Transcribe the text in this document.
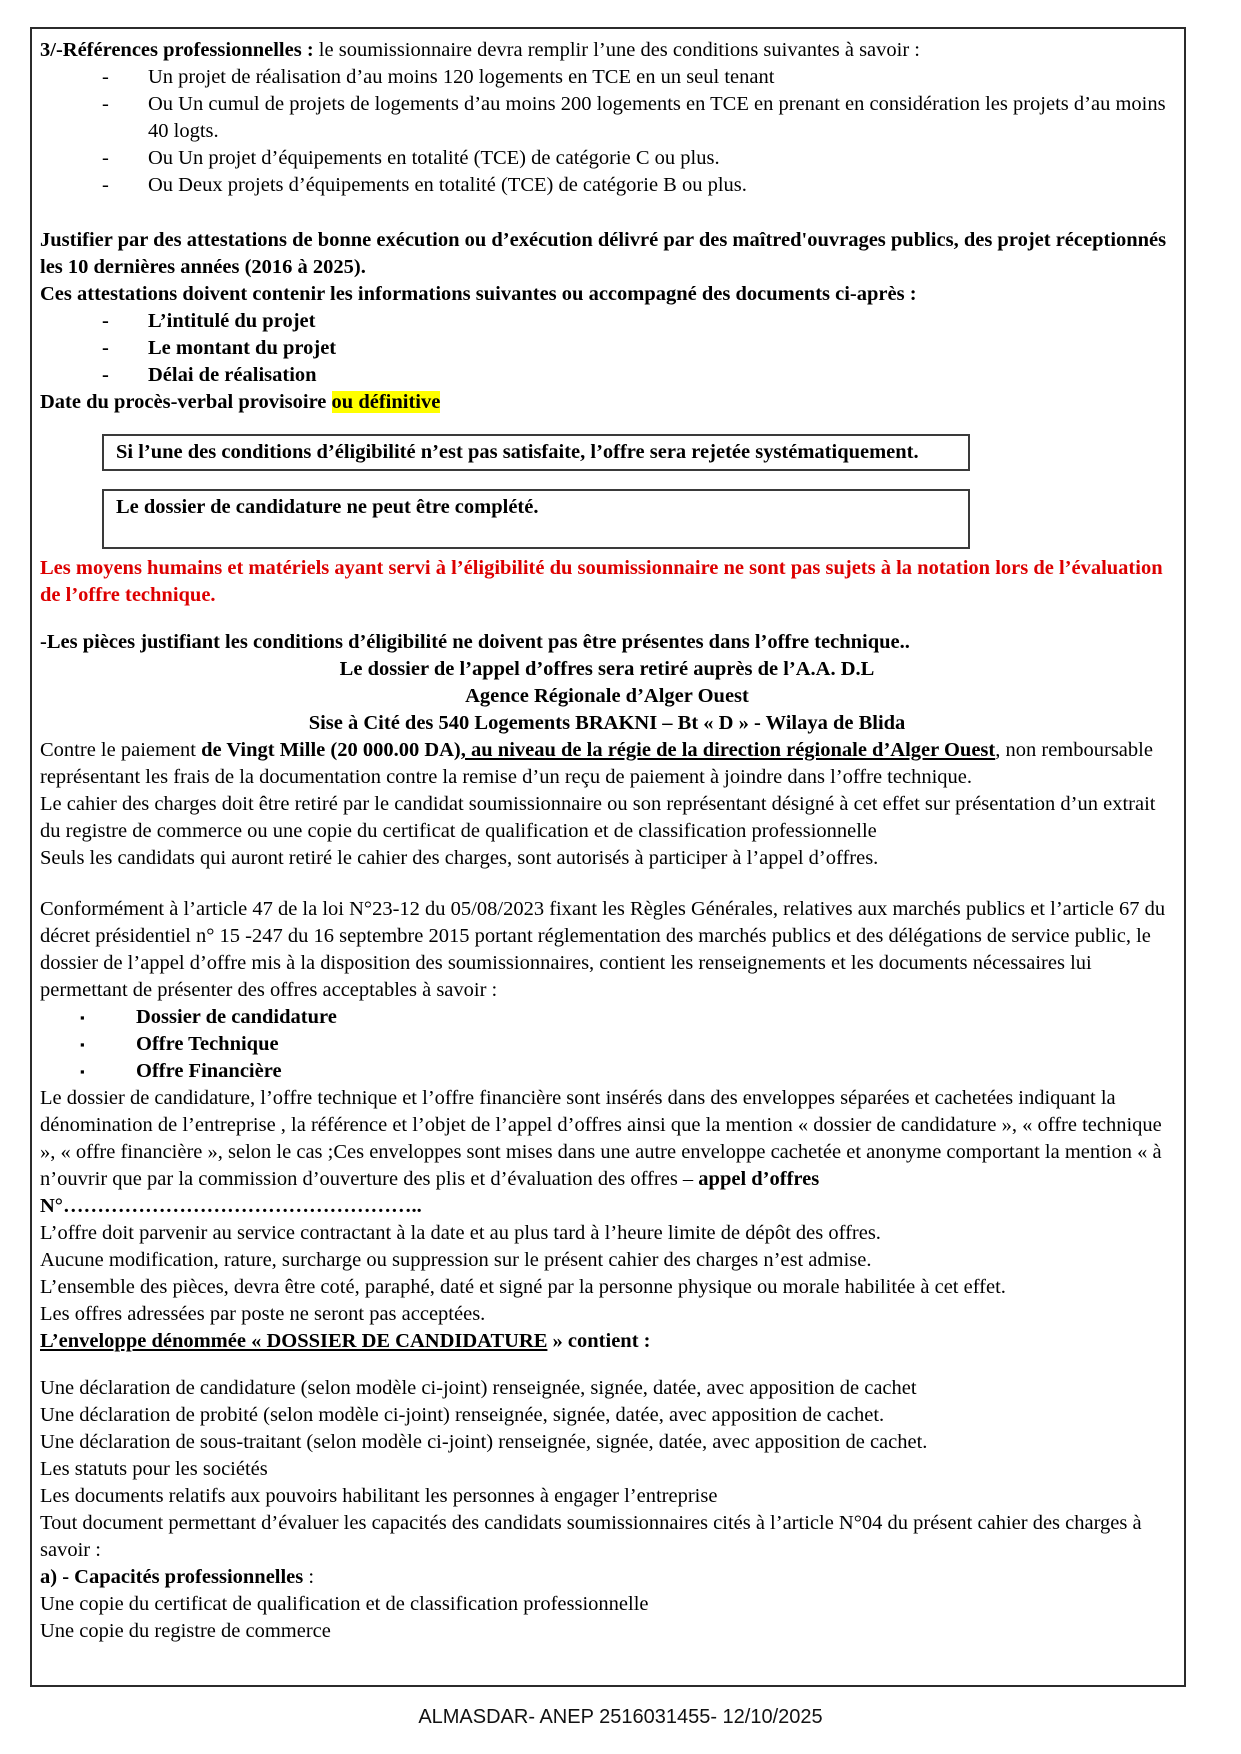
3/-Références professionnelles : le soumissionnaire devra remplir l’une des conditions suivantes à savoir :

-	Un projet de réalisation d’au moins 120 logements en TCE en un seul tenant
-	Ou Un cumul de projets de logements d’au moins 200 logements en TCE en prenant en considération les projets d’au moins 40 logts.
-	Ou Un projet d’équipements en totalité (TCE) de catégorie C ou plus.
-	Ou Deux projets d’équipements en totalité (TCE) de catégorie B ou plus.

Justifier par des attestations de bonne exécution ou d’exécution délivré par des maîtred'ouvrages publics, des projet réceptionnés les 10 dernières années (2016 à 2025).

Ces attestations doivent contenir les informations suivantes ou accompagné des documents ci-après :

-	L’intitulé du projet
-	Le montant du projet
-	Délai de réalisation

Date du procès-verbal provisoire ou définitive

Si l’une des conditions d’éligibilité n’est pas satisfaite, l’offre sera rejetée systématiquement.
Le dossier de candidature ne peut être complété.

Les moyens humains et matériels ayant servi à l’éligibilité du soumissionnaire ne sont pas sujets à la notation lors de l’évaluation de l’offre technique.

-Les pièces justifiant les conditions d’éligibilité ne doivent pas être présentes dans l’offre technique..

Le dossier de l’appel d’offres sera retiré auprès de l’A.A. D.L

Agence Régionale d’Alger Ouest

Sise à Cité des 540 Logements BRAKNI – Bt « D » - Wilaya de Blida

Contre le paiement de Vingt Mille (20 000.00 DA), au niveau de la régie de la direction régionale d’Alger Ouest, non remboursable représentant les frais de la documentation contre la remise d’un reçu de paiement à joindre dans l’offre technique.

Le cahier des charges doit être retiré par le candidat soumissionnaire ou son représentant désigné à cet effet sur présentation d’un extrait du registre de commerce ou une copie du certificat de qualification et de classification professionnelle

Seuls les candidats qui auront retiré le cahier des charges, sont autorisés à participer à l’appel d’offres.

Conformément à l’article 47 de la loi N°23-12 du 05/08/2023 fixant les Règles Générales, relatives aux marchés publics et l’article 67 du décret présidentiel n° 15 -247 du 16 septembre 2015 portant réglementation des marchés publics et des délégations de service public, le dossier de l’appel d’offre mis à la disposition des soumissionnaires, contient les renseignements et les documents nécessaires lui permettant de présenter des offres acceptables à savoir :

▪	Dossier de candidature
▪	Offre Technique
▪	Offre Financière

Le dossier de candidature, l’offre technique et l’offre financière sont insérés dans des enveloppes séparées et cachetées indiquant la dénomination de l’entreprise , la référence et l’objet de l’appel d’offres ainsi que la mention « dossier de candidature », « offre technique », « offre financière », selon le cas ;Ces enveloppes sont mises dans une autre enveloppe cachetée et anonyme comportant la mention « à n’ouvrir que par la commission d’ouverture des plis et d’évaluation des offres – appel d’offres N°……………………………………………..

L’offre doit parvenir au service contractant à la date et au plus tard à l’heure limite de dépôt des offres.

Aucune modification, rature, surcharge ou suppression sur le présent cahier des charges n’est admise.

L’ensemble des pièces, devra être coté, paraphé, daté et signé par la personne physique ou morale habilitée à cet effet.

Les offres adressées par poste ne seront pas acceptées.

L’enveloppe dénommée « DOSSIER DE CANDIDATURE » contient :

Une déclaration de candidature (selon modèle ci-joint) renseignée, signée, datée, avec apposition de cachet

Une déclaration de probité (selon modèle ci-joint) renseignée, signée, datée, avec apposition de cachet.

Une déclaration de sous-traitant (selon modèle ci-joint) renseignée, signée, datée, avec apposition de cachet.

Les statuts pour les sociétés

Les documents relatifs aux pouvoirs habilitant les personnes à engager l’entreprise

Tout document permettant d’évaluer les capacités des candidats soumissionnaires cités à l’article N°04 du présent cahier des charges à savoir :

a) - Capacités professionnelles :

Une copie du certificat de qualification et de classification professionnelle

Une copie du registre de commerce

ALMASDAR- ANEP 2516031455- 12/10/2025
